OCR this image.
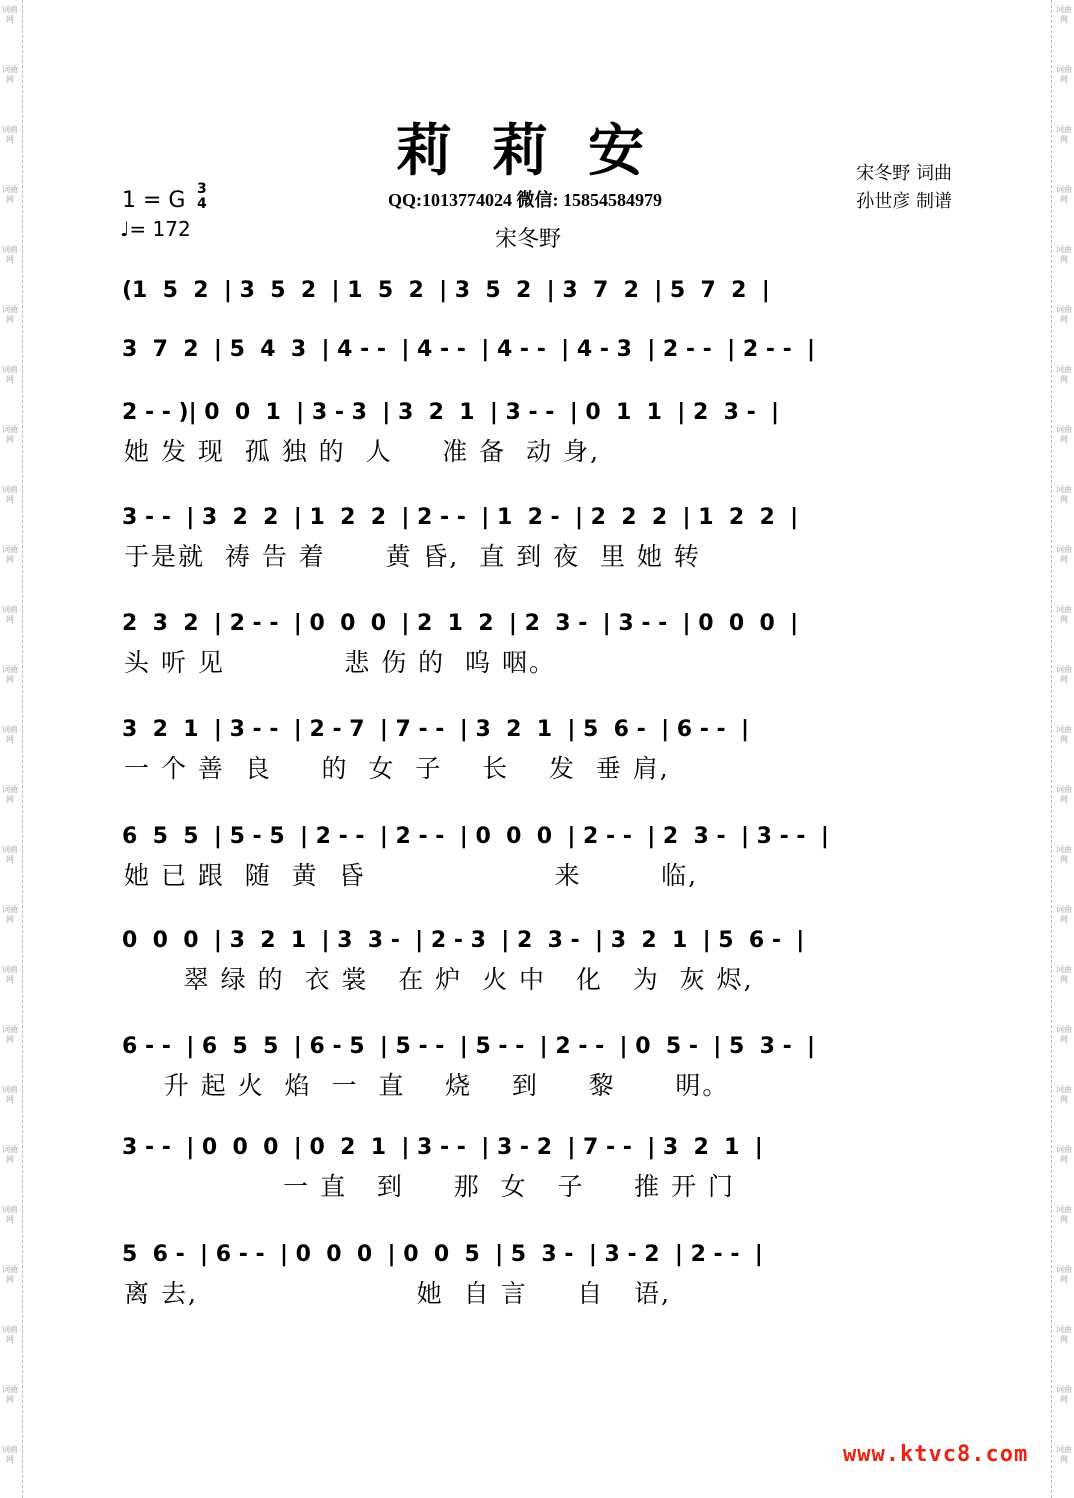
莉莉安
QQ:1013774024 微信: 15854584979
宋冬野 词曲
孙世彦 制谱
宋冬野
1 = G 3
4
♩= 172
(1  5  2  | 3  5  2  | 1  5  2  | 3  5  2  | 3  7  2  | 5  7  2  |
3  7  2  | 5  4  3  | 4 - -  | 4 - -  | 4 - -  | 4 - 3  | 2 - -  | 2 - -  |
2 - - )| 0  0  1  | 3 - 3  | 3  2  1  | 3 - -  | 0  1  1  | 2  3 -  |
她 发 现  孤 独 的  人     准 备  动 身,
3 - -  | 3  2  2  | 1  2  2  | 2 - -  | 1  2 -  | 2  2  2  | 1  2  2  |
于是就  祷 告 着      黄 昏,  直 到 夜  里 她 转
2  3  2  | 2 - -  | 0  0  0  | 2  1  2  | 2  3 -  | 3 - -  | 0  0  0  |
头 听 见            悲 伤 的  呜 咽。
3  2  1  | 3 - -  | 2 - 7  | 7 - -  | 3  2  1  | 5  6 -  | 6 - -  |
一 个 善  良     的  女  子    长    发  垂 肩,
6  5  5  | 5 - 5  | 2 - -  | 2 - -  | 0  0  0  | 2 - -  | 2  3 -  | 3 - -  |
她 已 跟  随  黄  昏                   来        临,
0  0  0  | 3  2  1  | 3  3 -  | 2 - 3  | 2  3 -  | 3  2  1  | 5  6 -  |
翠 绿 的  衣 裳   在 炉  火 中   化   为  灰 烬,
6 - -  | 6  5  5  | 6 - 5  | 5 - -  | 5 - -  | 2 - -  | 0  5 -  | 5  3 -  |
升 起 火  焰  一  直    烧    到     黎      明。
3 - -  | 0  0  0  | 0  2  1  | 3 - -  | 3 - 2  | 7 - -  | 3  2  1  |
一 直   到     那  女   子     推 开 门
5  6 -  | 6 - -  | 0  0  0  | 0  0  5  | 5  3 -  | 3 - 2  | 2 - -  |
离 去,                      她  自 言     自   语,
www.ktvc8.com
词曲网
词曲网
词曲网
词曲网
词曲网
词曲网
词曲网
词曲网
词曲网
词曲网
词曲网
词曲网
词曲网
词曲网
词曲网
词曲网
词曲网
词曲网
词曲网
词曲网
词曲网
词曲网
词曲网
词曲网
词曲网
词曲网
词曲网
词曲网
词曲网
词曲网
词曲网
词曲网
词曲网
词曲网
词曲网
词曲网
词曲网
词曲网
词曲网
词曲网
词曲网
词曲网
词曲网
词曲网
词曲网
词曲网
词曲网
词曲网
词曲网
词曲网
